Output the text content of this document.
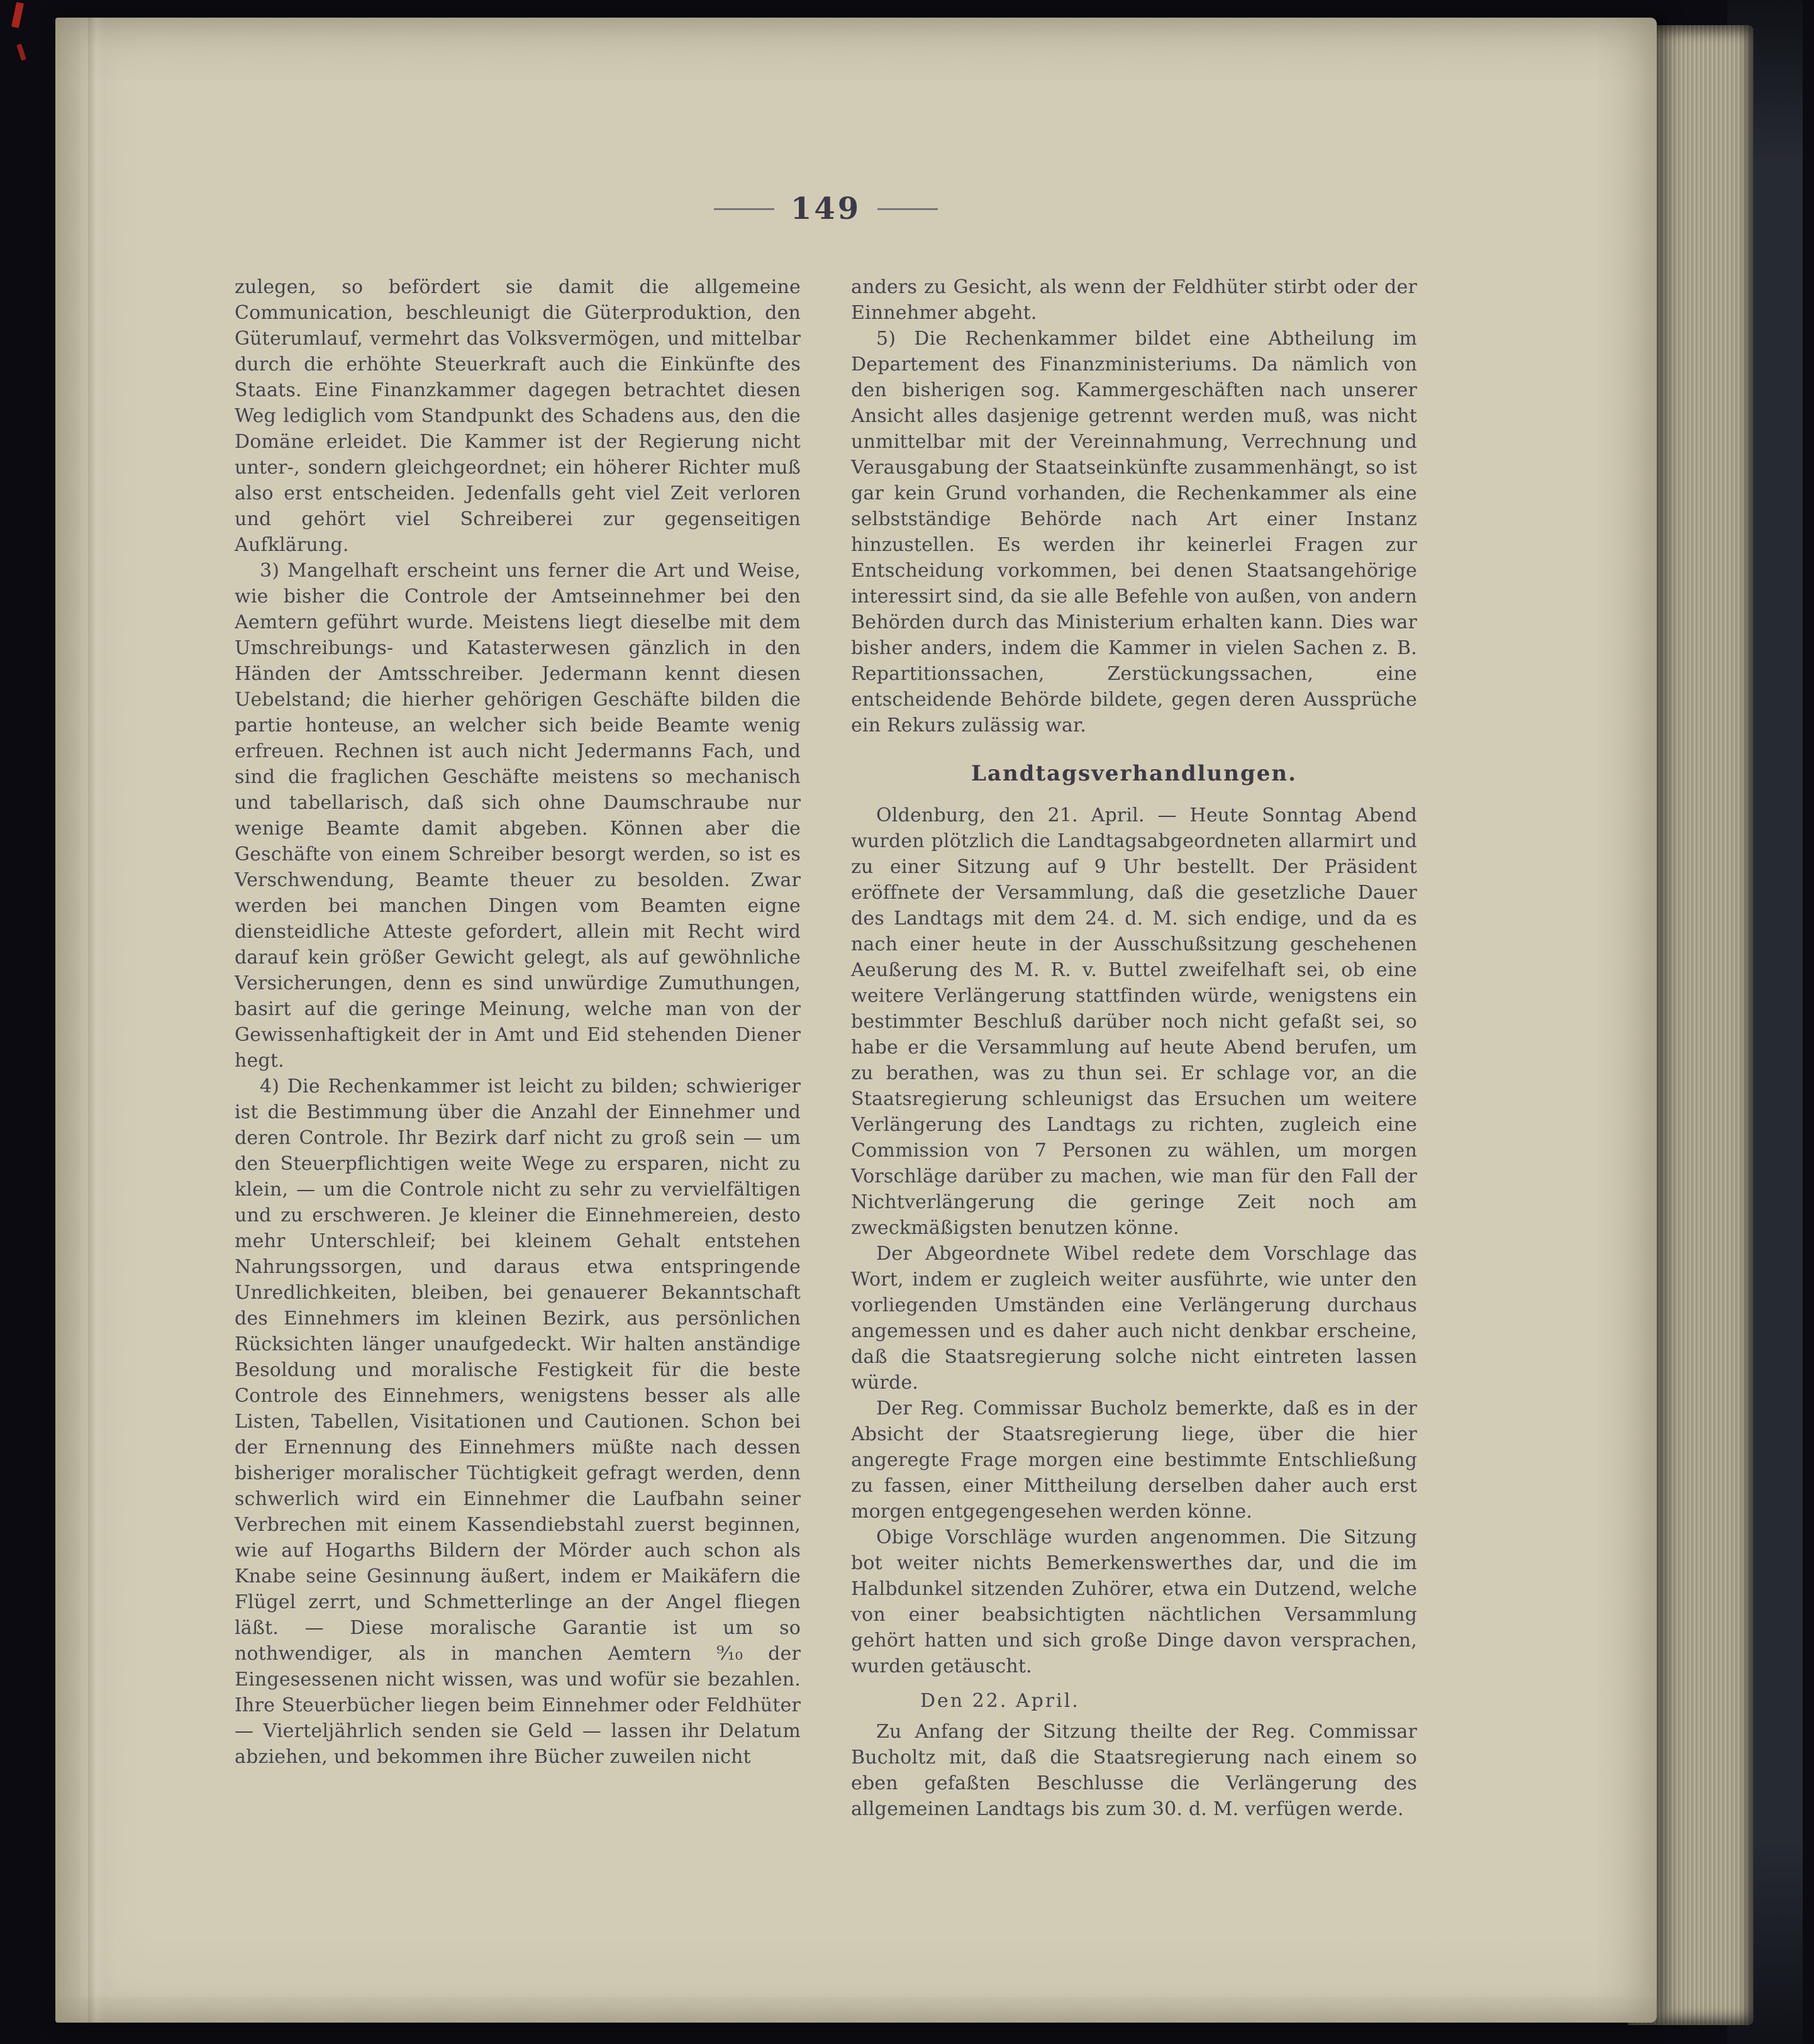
149

zulegen, so befördert sie damit die allgemeine Communication, beschleunigt die Güterproduktion, den Güterumlauf, vermehrt das Volksvermögen, und mittelbar durch die erhöhte Steuerkraft auch die Einkünfte des Staats. Eine Finanzkammer dagegen betrachtet diesen Weg lediglich vom Standpunkt des Schadens aus, den die Domäne erleidet. Die Kammer ist der Regierung nicht unter-, sondern gleichgeordnet; ein höherer Richter muß also erst entscheiden. Jedenfalls geht viel Zeit verloren und gehört viel Schreiberei zur gegenseitigen Aufklärung.

3) Mangelhaft erscheint uns ferner die Art und Weise, wie bisher die Controle der Amtseinnehmer bei den Aemtern geführt wurde. Meistens liegt dieselbe mit dem Umschreibungs- und Katasterwesen gänzlich in den Händen der Amtsschreiber. Jedermann kennt diesen Uebelstand; die hierher gehörigen Geschäfte bilden die partie honteuse, an welcher sich beide Beamte wenig erfreuen. Rechnen ist auch nicht Jedermanns Fach, und sind die fraglichen Geschäfte meistens so mechanisch und tabellarisch, daß sich ohne Daumschraube nur wenige Beamte damit abgeben. Können aber die Geschäfte von einem Schreiber besorgt werden, so ist es Verschwendung, Beamte theuer zu besolden. Zwar werden bei manchen Dingen vom Beamten eigne diensteidliche Atteste gefordert, allein mit Recht wird darauf kein größer Gewicht gelegt, als auf gewöhnliche Versicherungen, denn es sind unwürdige Zumuthungen, basirt auf die geringe Meinung, welche man von der Gewissenhaftigkeit der in Amt und Eid stehenden Diener hegt.

4) Die Rechenkammer ist leicht zu bilden; schwieriger ist die Bestimmung über die Anzahl der Einnehmer und deren Controle. Ihr Bezirk darf nicht zu groß sein — um den Steuerpflichtigen weite Wege zu ersparen, nicht zu klein, — um die Controle nicht zu sehr zu vervielfältigen und zu erschweren. Je kleiner die Einnehmereien, desto mehr Unterschleif; bei kleinem Gehalt entstehen Nahrungssorgen, und daraus etwa entspringende Unredlichkeiten, bleiben, bei genauerer Bekanntschaft des Einnehmers im kleinen Bezirk, aus persönlichen Rücksichten länger unaufgedeckt. Wir halten anständige Besoldung und moralische Festigkeit für die beste Controle des Einnehmers, wenigstens besser als alle Listen, Tabellen, Visitationen und Cautionen. Schon bei der Ernennung des Einnehmers müßte nach dessen bisheriger moralischer Tüchtigkeit gefragt werden, denn schwerlich wird ein Einnehmer die Laufbahn seiner Verbrechen mit einem Kassendiebstahl zuerst beginnen, wie auf Hogarths Bildern der Mörder auch schon als Knabe seine Gesinnung äußert, indem er Maikäfern die Flügel zerrt, und Schmetterlinge an der Angel fliegen läßt. — Diese moralische Garantie ist um so nothwendiger, als in manchen Aemtern ⁹⁄₁₀ der Eingesessenen nicht wissen, was und wofür sie bezahlen. Ihre Steuerbücher liegen beim Einnehmer oder Feldhüter — Vierteljährlich senden sie Geld — lassen ihr Delatum abziehen, und bekommen ihre Bücher zuweilen nicht

anders zu Gesicht, als wenn der Feldhüter stirbt oder der Einnehmer abgeht.

5) Die Rechenkammer bildet eine Abtheilung im Departement des Finanzministeriums. Da nämlich von den bisherigen sog. Kammergeschäften nach unserer Ansicht alles dasjenige getrennt werden muß, was nicht unmittelbar mit der Vereinnahmung, Verrechnung und Verausgabung der Staatseinkünfte zusammenhängt, so ist gar kein Grund vorhanden, die Rechenkammer als eine selbstständige Behörde nach Art einer Instanz hinzustellen. Es werden ihr keinerlei Fragen zur Entscheidung vorkommen, bei denen Staatsangehörige interessirt sind, da sie alle Befehle von außen, von andern Behörden durch das Ministerium erhalten kann. Dies war bisher anders, indem die Kammer in vielen Sachen z. B. Repartitionssachen, Zerstückungssachen, eine entscheidende Behörde bildete, gegen deren Aussprüche ein Rekurs zulässig war.

Landtagsverhandlungen.

Oldenburg, den 21. April. — Heute Sonntag Abend wurden plötzlich die Landtagsabgeordneten allarmirt und zu einer Sitzung auf 9 Uhr bestellt. Der Präsident eröffnete der Versammlung, daß die gesetzliche Dauer des Landtags mit dem 24. d. M. sich endige, und da es nach einer heute in der Ausschußsitzung geschehenen Aeußerung des M. R. v. Buttel zweifelhaft sei, ob eine weitere Verlängerung stattfinden würde, wenigstens ein bestimmter Beschluß darüber noch nicht gefaßt sei, so habe er die Versammlung auf heute Abend berufen, um zu berathen, was zu thun sei. Er schlage vor, an die Staatsregierung schleunigst das Ersuchen um weitere Verlängerung des Landtags zu richten, zugleich eine Commission von 7 Personen zu wählen, um morgen Vorschläge darüber zu machen, wie man für den Fall der Nichtverlängerung die geringe Zeit noch am zweckmäßigsten benutzen könne.

Der Abgeordnete Wibel redete dem Vorschlage das Wort, indem er zugleich weiter ausführte, wie unter den vorliegenden Umständen eine Verlängerung durchaus angemessen und es daher auch nicht denkbar erscheine, daß die Staatsregierung solche nicht eintreten lassen würde.

Der Reg. Commissar Bucholz bemerkte, daß es in der Absicht der Staatsregierung liege, über die hier angeregte Frage morgen eine bestimmte Entschließung zu fassen, einer Mittheilung derselben daher auch erst morgen entgegengesehen werden könne.

Obige Vorschläge wurden angenommen. Die Sitzung bot weiter nichts Bemerkenswerthes dar, und die im Halbdunkel sitzenden Zuhörer, etwa ein Dutzend, welche von einer beabsichtigten nächtlichen Versammlung gehört hatten und sich große Dinge davon versprachen, wurden getäuscht.

Den 22. April.

Zu Anfang der Sitzung theilte der Reg. Commissar Bucholtz mit, daß die Staatsregierung nach einem so eben gefaßten Beschlusse die Verlängerung des allgemeinen Landtags bis zum 30. d. M. verfügen werde.
